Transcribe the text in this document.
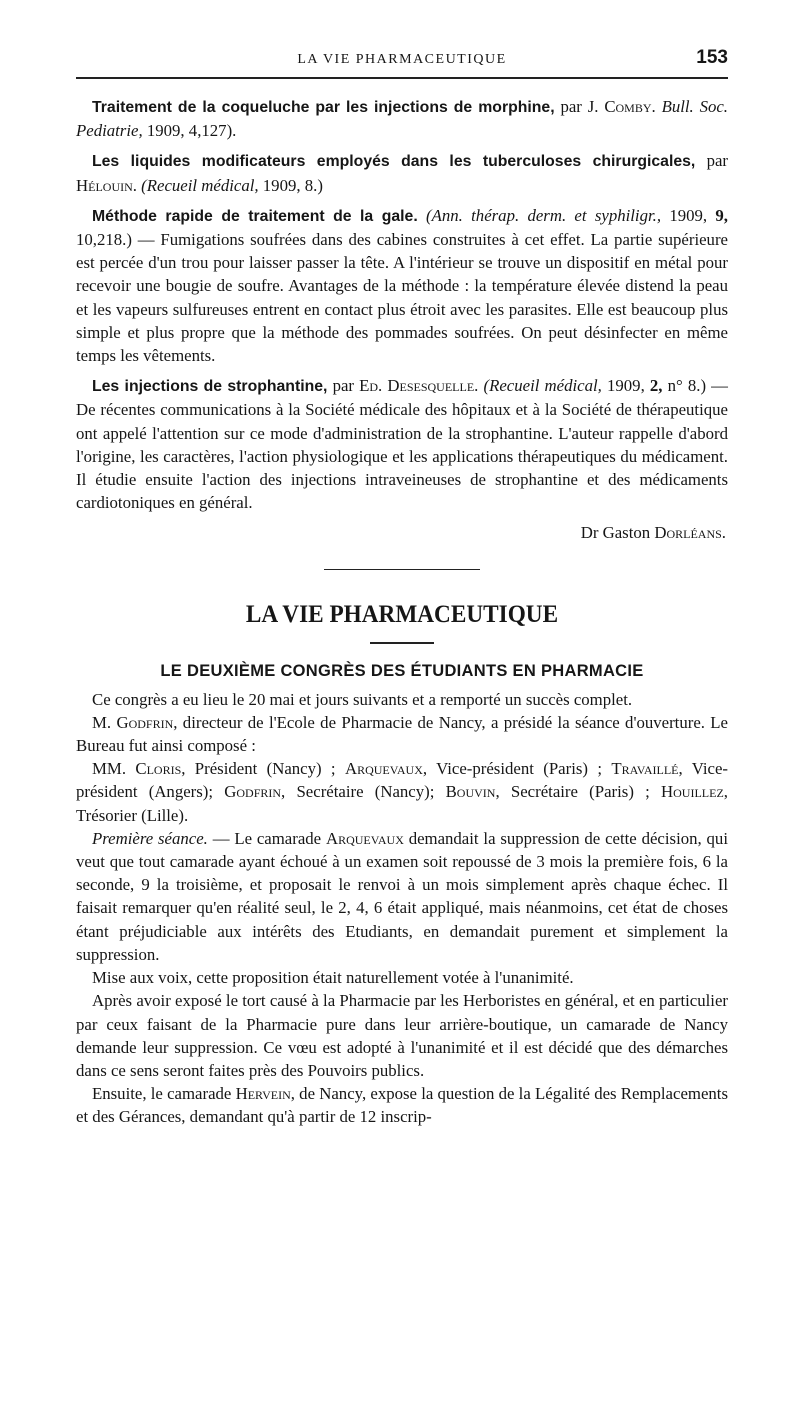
LA VIE PHARMACEUTIQUE	153

Traitement de la coqueluche par les injections de morphine, par J. Comby. Bull. Soc. Pediatrie, 1909, 4,127).

Les liquides modificateurs employés dans les tuberculoses chirurgicales, par Hélouin. (Recueil médical, 1909, 8.)

Méthode rapide de traitement de la gale. (Ann. thérap. derm. et syphiligr., 1909, 9, 10,218.) — Fumigations soufrées dans des cabines construites à cet effet. La partie supérieure est percée d'un trou pour laisser passer la tête. A l'intérieur se trouve un dispositif en métal pour recevoir une bougie de soufre. Avantages de la méthode : la température élevée distend la peau et les vapeurs sulfureuses entrent en contact plus étroit avec les parasites. Elle est beaucoup plus simple et plus propre que la méthode des pommades soufrées. On peut désinfecter en même temps les vêtements.

Les injections de strophantine, par Ed. Desesquelle. (Recueil médical, 1909, 2, n° 8.) — De récentes communications à la Société médicale des hôpitaux et à la Société de thérapeutique ont appelé l'attention sur ce mode d'administration de la strophantine. L'auteur rappelle d'abord l'origine, les caractères, l'action physiologique et les applications thérapeutiques du médicament. Il étudie ensuite l'action des injections intraveineuses de strophantine et des médicaments cardiotoniques en général.

Dr Gaston Dorléans.

LA VIE PHARMACEUTIQUE
LE DEUXIÈME CONGRÈS DES ÉTUDIANTS EN PHARMACIE

Ce congrès a eu lieu le 20 mai et jours suivants et a remporté un succès complet.

M. Godfrin, directeur de l'Ecole de Pharmacie de Nancy, a présidé la séance d'ouverture. Le Bureau fut ainsi composé :

MM. Cloris, Président (Nancy) ; Arquevaux, Vice-président (Paris) ; Travaillé, Vice-président (Angers); Godfrin, Secrétaire (Nancy); Bouvin, Secrétaire (Paris) ; Houillez, Trésorier (Lille).

Première séance. — Le camarade Arquevaux demandait la suppression de cette décision, qui veut que tout camarade ayant échoué à un examen soit repoussé de 3 mois la première fois, 6 la seconde, 9 la troisième, et proposait le renvoi à un mois simplement après chaque échec. Il faisait remarquer qu'en réalité seul, le 2, 4, 6 était appliqué, mais néanmoins, cet état de choses étant préjudiciable aux intérêts des Etudiants, en demandait purement et simplement la suppression.

Mise aux voix, cette proposition était naturellement votée à l'unanimité.

Après avoir exposé le tort causé à la Pharmacie par les Herboristes en général, et en particulier par ceux faisant de la Pharmacie pure dans leur arrière-boutique, un camarade de Nancy demande leur suppression. Ce vœu est adopté à l'unanimité et il est décidé que des démarches dans ce sens seront faites près des Pouvoirs publics.

Ensuite, le camarade Hervein, de Nancy, expose la question de la Légalité des Remplacements et des Gérances, demandant qu'à partir de 12 inscrip-
